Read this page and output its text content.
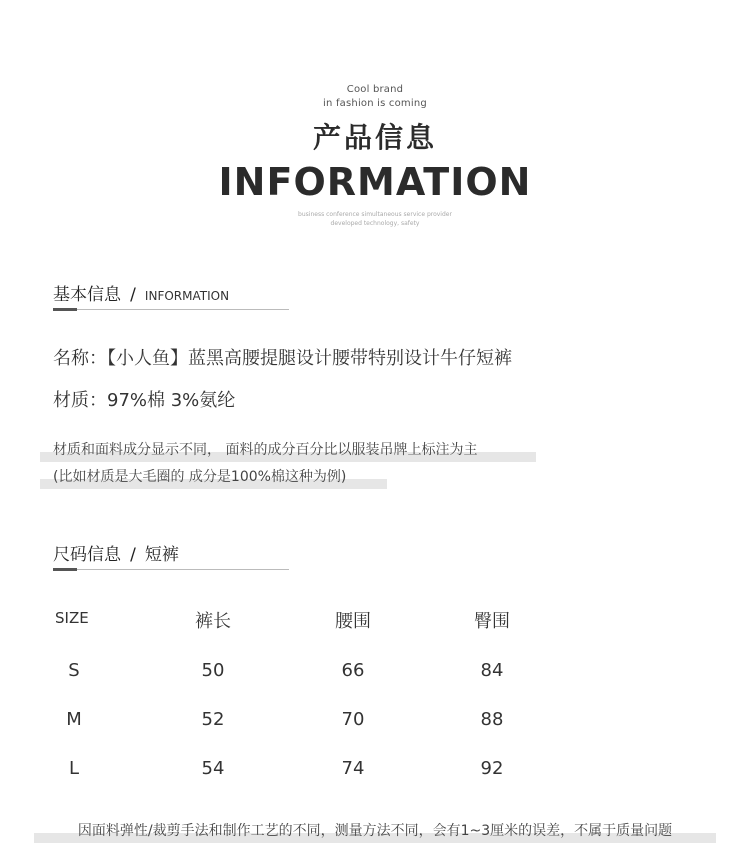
Cool brand
in fashion is coming
产品信息
INFORMATION
business conference simultaneous service provider
developed technology, safety
基本信息 / INFORMATION
名称：【小人鱼】蓝黑高腰提腿设计腰带特别设计牛仔短裤
材质：97%棉 3%氨纶
材质和面料成分显示不同， 面料的成分百分比以服装吊牌上标注为主
(比如材质是大毛圈的 成分是100%棉这种为例)
尺码信息 / 短裤
SIZE	裤长	腰围	臀围
S	50	66	84
M	52	70	88
L	54	74	92
因面料弹性/裁剪手法和制作工艺的不同，测量方法不同，会有1~3厘米的误差，不属于质量问题
